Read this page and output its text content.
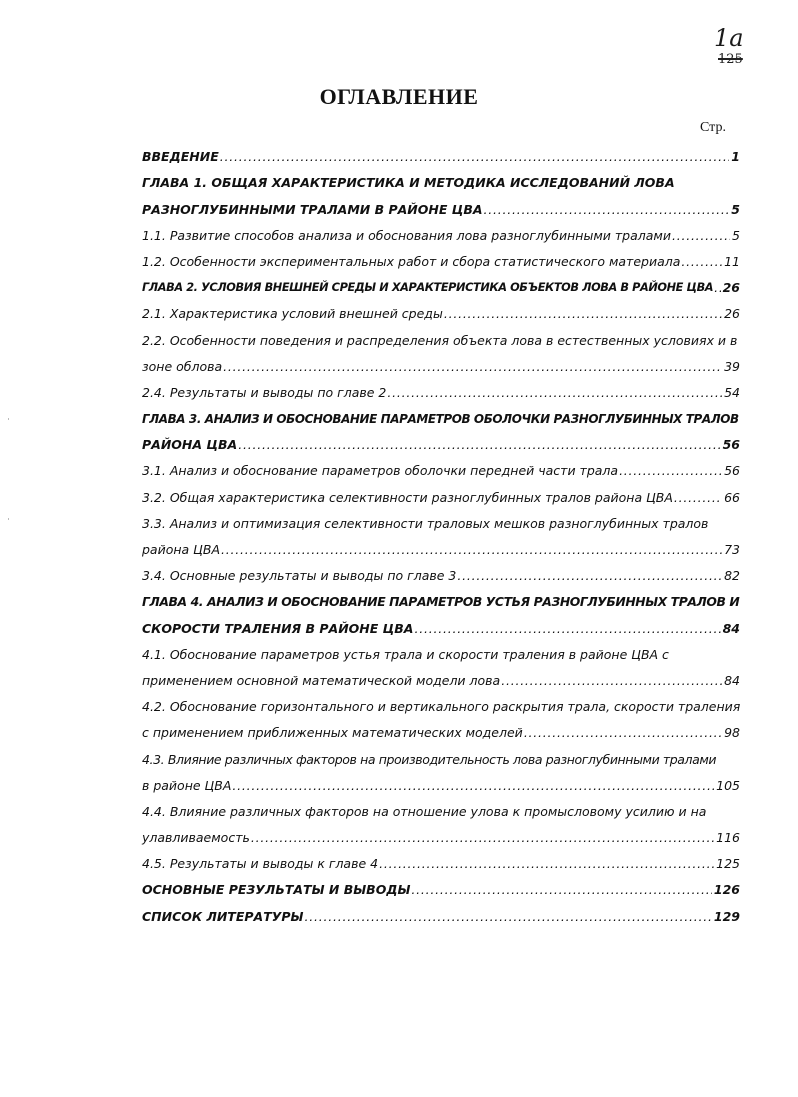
1a
125
ОГЛАВЛЕНИЕ
Стр.
˙
˙
ВВЕДЕНИЕ . . .	1
ГЛАВА 1. ОБЩАЯ ХАРАКТЕРИСТИКА И МЕТОДИКА ИССЛЕДОВАНИЙ ЛОВА
РАЗНОГЛУБИННЫМИ ТРАЛАМИ В РАЙОНЕ ЦВА . . .	5
1.1. Развитие способов анализа и обоснования лова разноглубинными тралами . . .	5
1.2. Особенности экспериментальных работ и сбора статистического материала . . .	11
ГЛАВА 2. УСЛОВИЯ ВНЕШНЕЙ СРЕДЫ И ХАРАКТЕРИСТИКА ОБЪЕКТОВ ЛОВА В РАЙОНЕ ЦВА . . . 26
2.1. Характеристика условий внешней среды . . .	26
2.2. Особенности поведения и распределения объекта лова в естественных условиях и в
зоне облова . . .	39
2.4. Результаты и выводы по главе 2 . . .	54
ГЛАВА 3. АНАЛИЗ И ОБОСНОВАНИЕ ПАРАМЕТРОВ ОБОЛОЧКИ РАЗНОГЛУБИННЫХ ТРАЛОВ
РАЙОНА ЦВА . . .	56
3.1. Анализ и обоснование параметров оболочки передней части трала . . .	56
3.2. Общая характеристика селективности разноглубинных тралов района ЦВА . . .	66
3.3. Анализ и оптимизация селективности траловых мешков разноглубинных тралов
района ЦВА . . .	73
3.4. Основные результаты и выводы по главе 3 . . .	82
ГЛАВА 4. АНАЛИЗ И ОБОСНОВАНИЕ ПАРАМЕТРОВ УСТЬЯ РАЗНОГЛУБИННЫХ ТРАЛОВ И
СКОРОСТИ ТРАЛЕНИЯ В РАЙОНЕ ЦВА . . .	84
4.1. Обоснование параметров устья трала и скорости траления в районе ЦВА с
применением основной математической модели лова . . .	84
4.2. Обоснование горизонтального и вертикального раскрытия трала, скорости траления
с применением приближенных математических моделей . . .	98
4.3. Влияние различных факторов на производительность лова разноглубинными тралами
в районе ЦВА . . .	105
4.4. Влияние различных факторов на отношение улова к промысловому усилию и на
улавливаемость . . .	116
4.5. Результаты и выводы к главе 4 . . .	125
ОСНОВНЫЕ РЕЗУЛЬТАТЫ И ВЫВОДЫ . . .	126
СПИСОК ЛИТЕРАТУРЫ . . .	129
